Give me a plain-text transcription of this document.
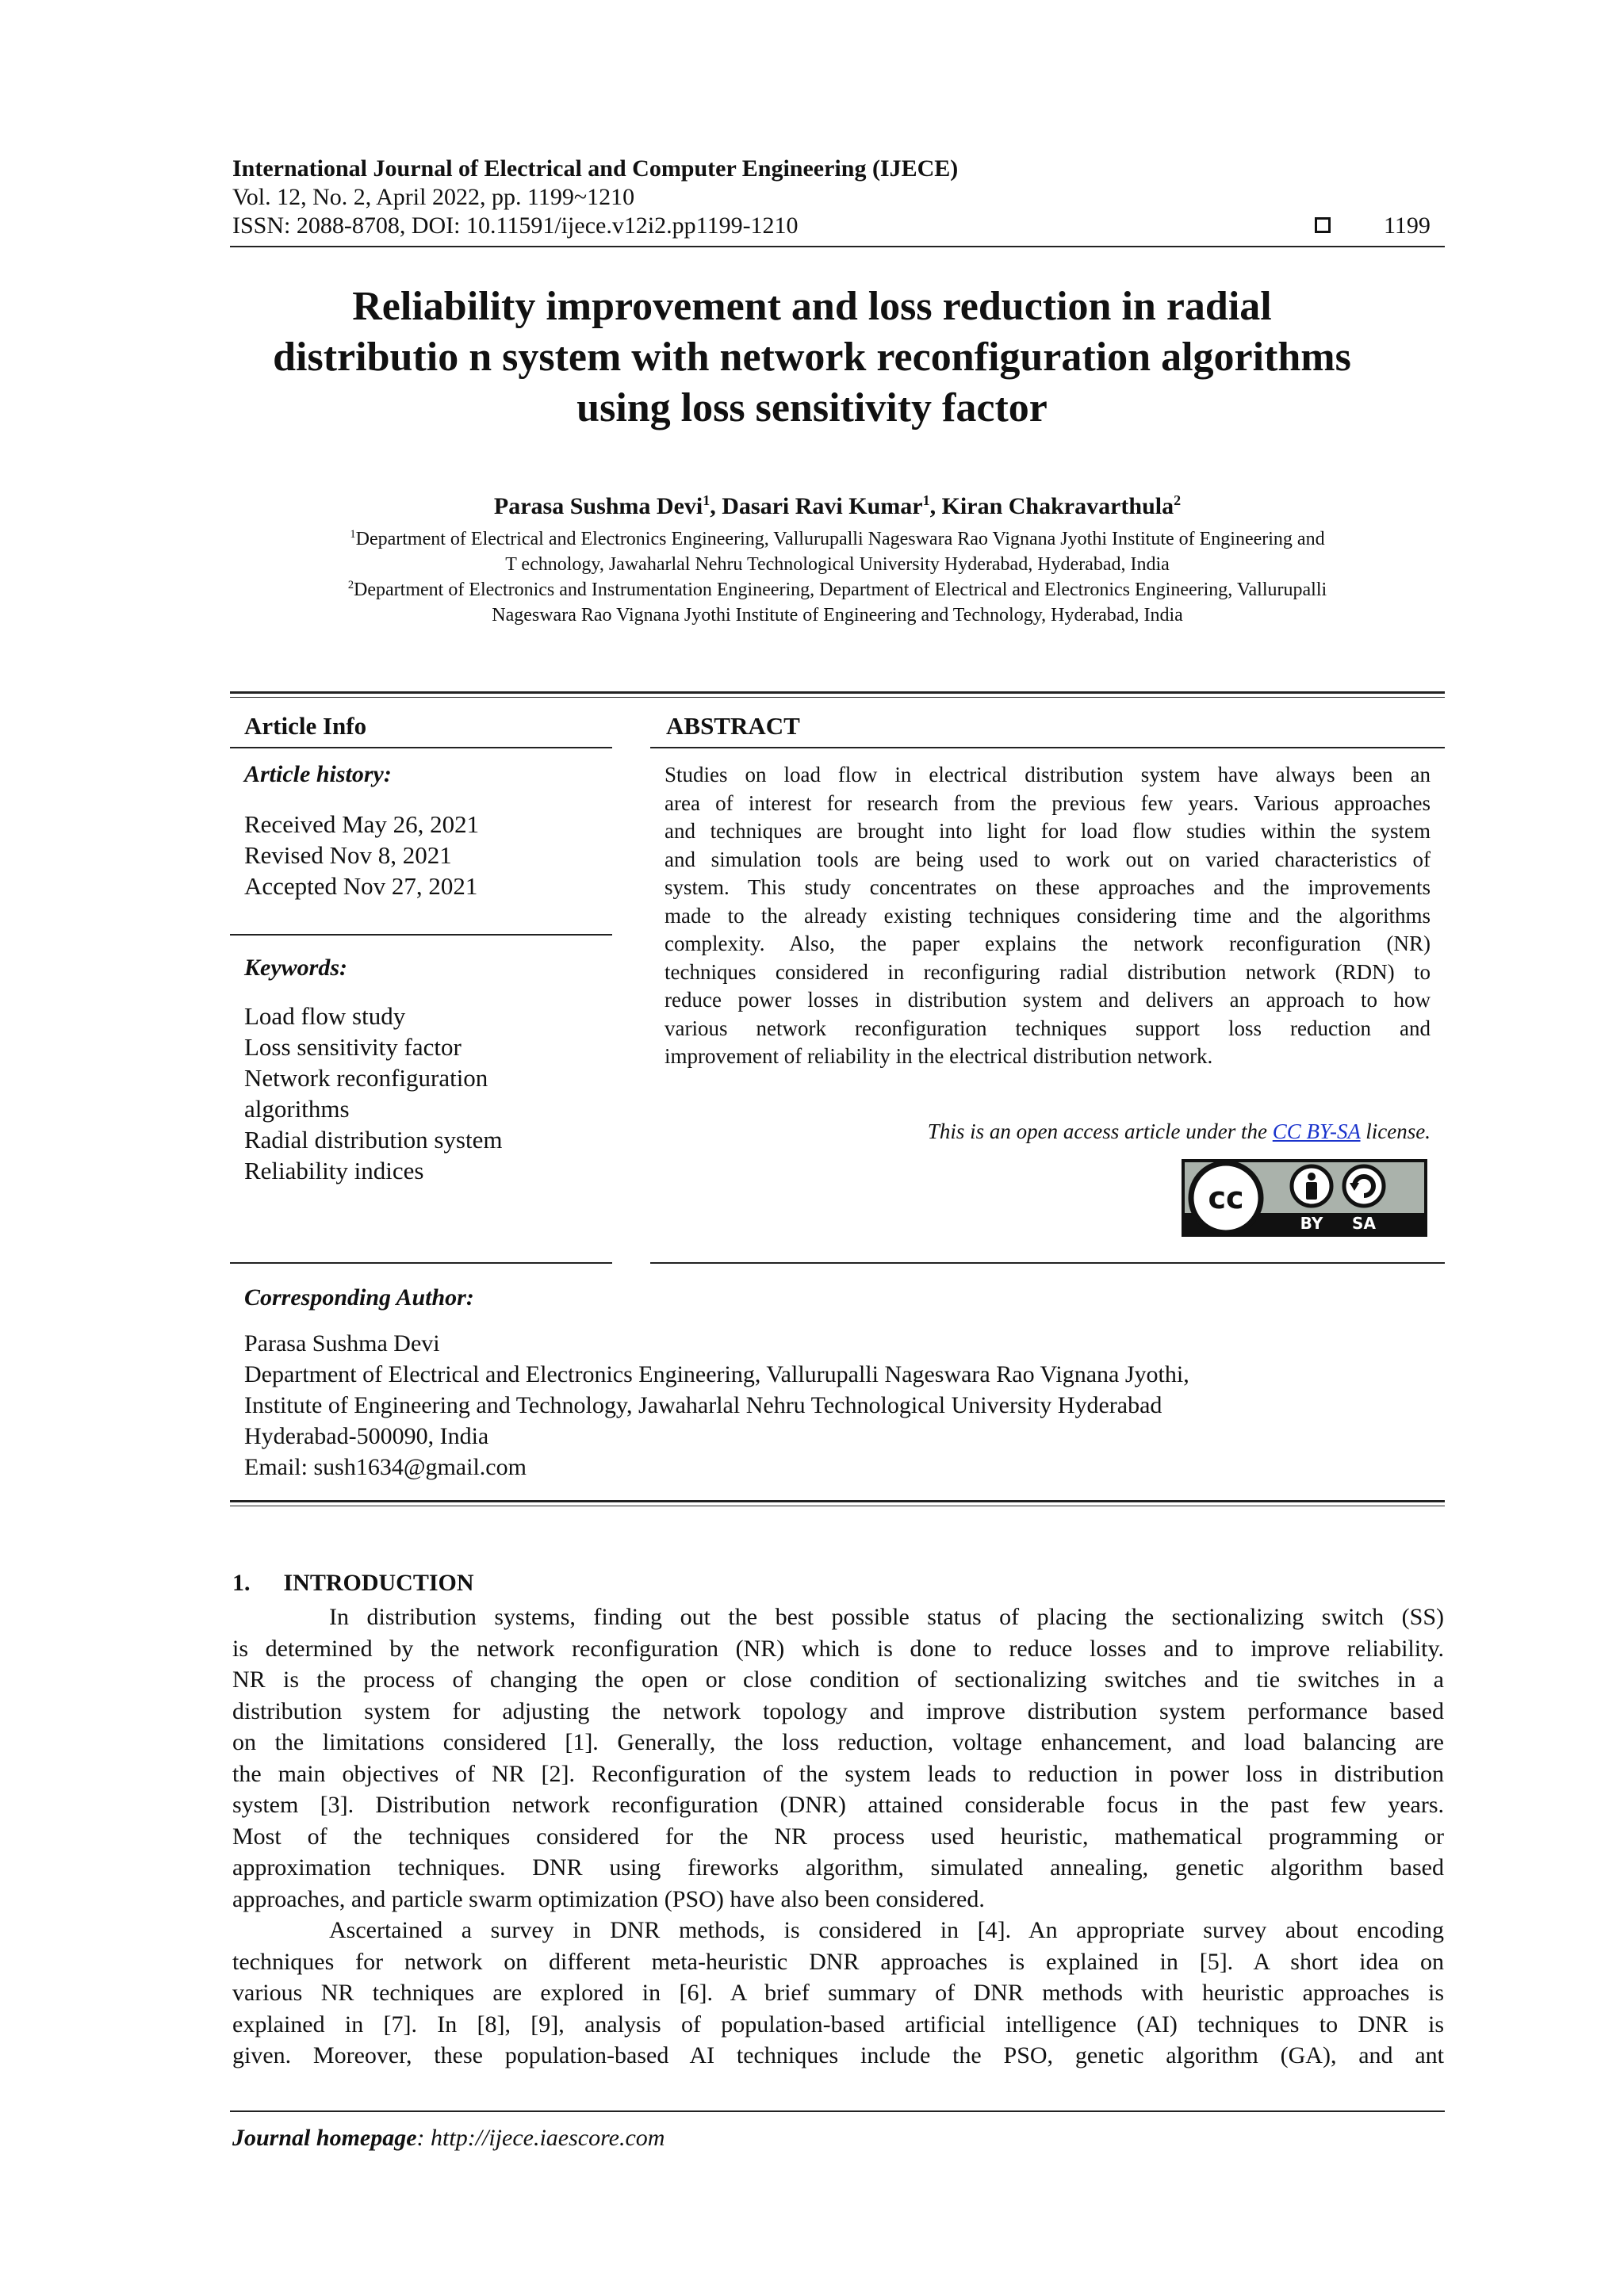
International Journal of Electrical and Computer Engineering (IJECE)
Vol. 12, No. 2, April 2022, pp. 1199~1210
ISSN: 2088-8708, DOI: 10.11591/ijece.v12i2.pp1199-1210	1199
Reliability improvement and loss reduction in radial
distributio n system with network reconfiguration algorithms
using loss sensitivity factor
Parasa Sushma Devi$^1$, Dasari Ravi Kumar$^1$, Kiran Chakravarthula$^2$
$^1$Department of Electrical and Electronics Engineering, Vallurupalli Nageswara Rao Vignana Jyothi Institute of Engineering and
T echnology, Jawaharlal Nehru Technological University Hyderabad, Hyderabad, India
$^2$Department of Electronics and Instrumentation Engineering, Department of Electrical and Electronics Engineering, Vallurupalli
Nageswara Rao Vignana Jyothi Institute of Engineering and Technology, Hyderabad, India
Article Info
Article history:
Received May 26, 2021
Revised Nov 8, 2021
Accepted Nov 27, 2021
Keywords:
Load flow study
Loss sensitivity factor
Network reconfiguration
algorithms
Radial distribution system
Reliability indices
ABSTRACT
Studies on load flow in electrical distribution system have always been an
area of interest for research from the previous few years. Various approaches
and techniques are brought into light for load flow studies within the system
and simulation tools are being used to work out on varied characteristics of
system. This study concentrates on these approaches and the improvements
made to the already existing techniques considering time and the algorithms
complexity. Also, the paper explains the network reconfiguration (NR)
techniques considered in reconfiguring radial distribution network (RDN) to
reduce power losses in distribution system and delivers an approach to how
various network reconfiguration techniques support loss reduction and
improvement of reliability in the electrical distribution network.
This is an open access article under the CC BY-SA license.
cc
BY SA
Corresponding Author:
Parasa Sushma Devi
Department of Electrical and Electronics Engineering, Vallurupalli Nageswara Rao Vignana Jyothi,
Institute of Engineering and Technology, Jawaharlal Nehru Technological University Hyderabad
Hyderabad-500090, India
Email: sush1634@gmail.com
1. INTRODUCTION
In distribution systems, finding out the best possible status of placing the sectionalizing switch (SS)
is determined by the network reconfiguration (NR) which is done to reduce losses and to improve reliability.
NR is the process of changing the open or close condition of sectionalizing switches and tie switches in a
distribution system for adjusting the network topology and improve distribution system performance based
on the limitations considered [1]. Generally, the loss reduction, voltage enhancement, and load balancing are
the main objectives of NR [2]. Reconfiguration of the system leads to reduction in power loss in distribution
system [3]. Distribution network reconfiguration (DNR) attained considerable focus in the past few years.
Most of the techniques considered for the NR process used heuristic, mathematical programming or
approximation techniques. DNR using fireworks algorithm, simulated annealing, genetic algorithm based
approaches, and particle swarm optimization (PSO) have also been considered.
Ascertained a survey in DNR methods, is considered in [4]. An appropriate survey about encoding
techniques for network on different meta-heuristic DNR approaches is explained in [5]. A short idea on
various NR techniques are explored in [6]. A brief summary of DNR methods with heuristic approaches is
explained in [7]. In [8], [9], analysis of population-based artificial intelligence (AI) techniques to DNR is
given. Moreover, these population-based AI techniques include the PSO, genetic algorithm (GA), and ant
Journal homepage: http://ijece.iaescore.com
